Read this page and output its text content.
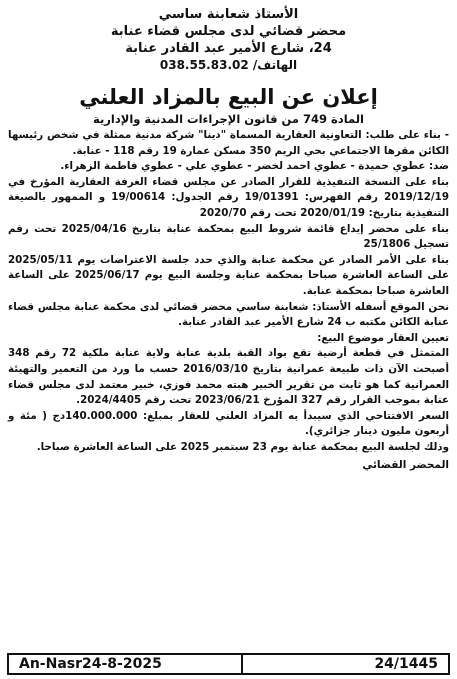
الأستاذ شعابنة ساسي
محضر قضائي لدى مجلس قضاء عنابة
24، شارع الأمير عبد القادر عنابة
الهاتف/ 038.55.83.02
إعلان عن البيع بالمزاد العلني
المادة 749 من قانون الإجراءات المدنية والإدارية

- بناء على طلب: التعاونية العقارية المسماة "دينا" شركة مدنية ممثلة في شخص رئيسها الكائن مقرها الاجتماعي بحي الريم 350 مسكن عمارة 19 رقم 118 - عنابة.

ضد: عطوي حميدة - عطوي احمد لخضر - عطوي علي - عطوي فاطمة الزهراء.

بناء على النسخة التنفيذية للقرار الصادر عن مجلس قضاء الغرفة العقارية المؤرخ في 2019/12/19 رقم الفهرس: 19/01391 رقم الجدول: 19/00614 و الممهور بالصيغة التنفيذية بتاريخ: 2020/01/19 تحت رقم 2020/70

بناء على محضر إيداع قائمة شروط البيع بمحكمة عنابة بتاريخ 2025/04/16 تحت رقم تسجيل 25/1806

بناء على الأمر الصادر عن محكمة عنابة والذي حدد جلسة الاعتراضات يوم 2025/05/11 على الساعة العاشرة صباحا بمحكمة عنابة وجلسة البيع يوم 2025/06/17 على الساعة العاشرة صباحا بمحكمة عنابة.

نحن الموقع أسفله الأستاذ: شعابنة ساسي محضر قضائي لدى محكمة عنابة مجلس قضاء عنابة الكائن مكتبه ب 24 شارع الأمير عبد القادر عنابة.

تعيين العقار موضوع البيع:

المتمثل في قطعة أرضية تقع بواد القبة بلدية عنابة ولاية عنابة ملكية 72 رقم 348 أصبحت الآن ذات طبيعة عمرانية بتاريخ 2016/03/10 حسب ما ورد من التعمير والتهيئة العمرانية كما هو ثابت من تقرير الخبير هبته محمد فوزي، خبير معتمد لدى مجلس قضاء عنابة بموجب القرار رقم 327 المؤرخ 2023/06/21 تحت رقم 2024/4405.

السعر الافتتاحي الذي سيبدأ به المزاد العلني للعقار بمبلغ: 140.000.000دج ( مئة و أربعون مليون دينار جزائري).

وذلك لجلسة البيع بمحكمة عنابة يوم 23 سبتمبر 2025 على الساعة العاشرة صباحا.

المحضر القضائي
An-Nasr24-8-2025	24/1445
